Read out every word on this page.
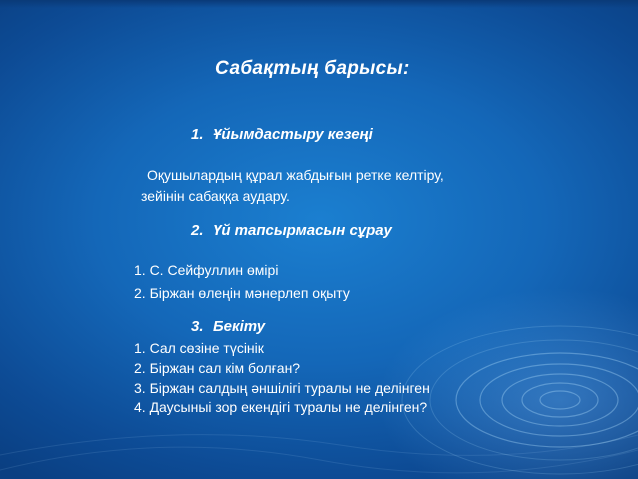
Сабақтың барысы:
1. Ұйымдастыру кезеңі
Оқушылардың құрал жабдығын ретке келтіру,
зейінін сабаққа аудару.
2. Үй тапсырмасын сұрау
1. С. Сейфуллин өмірі
2. Біржан өлеңін мәнерлеп оқыту
3. Бекіту
1. Сал сөзіне түсінік
2. Біржан сал кім болған?
3. Біржан салдың әншілігі туралы не делінген
4. Даусыныі зор екендігі туралы не делінген?
